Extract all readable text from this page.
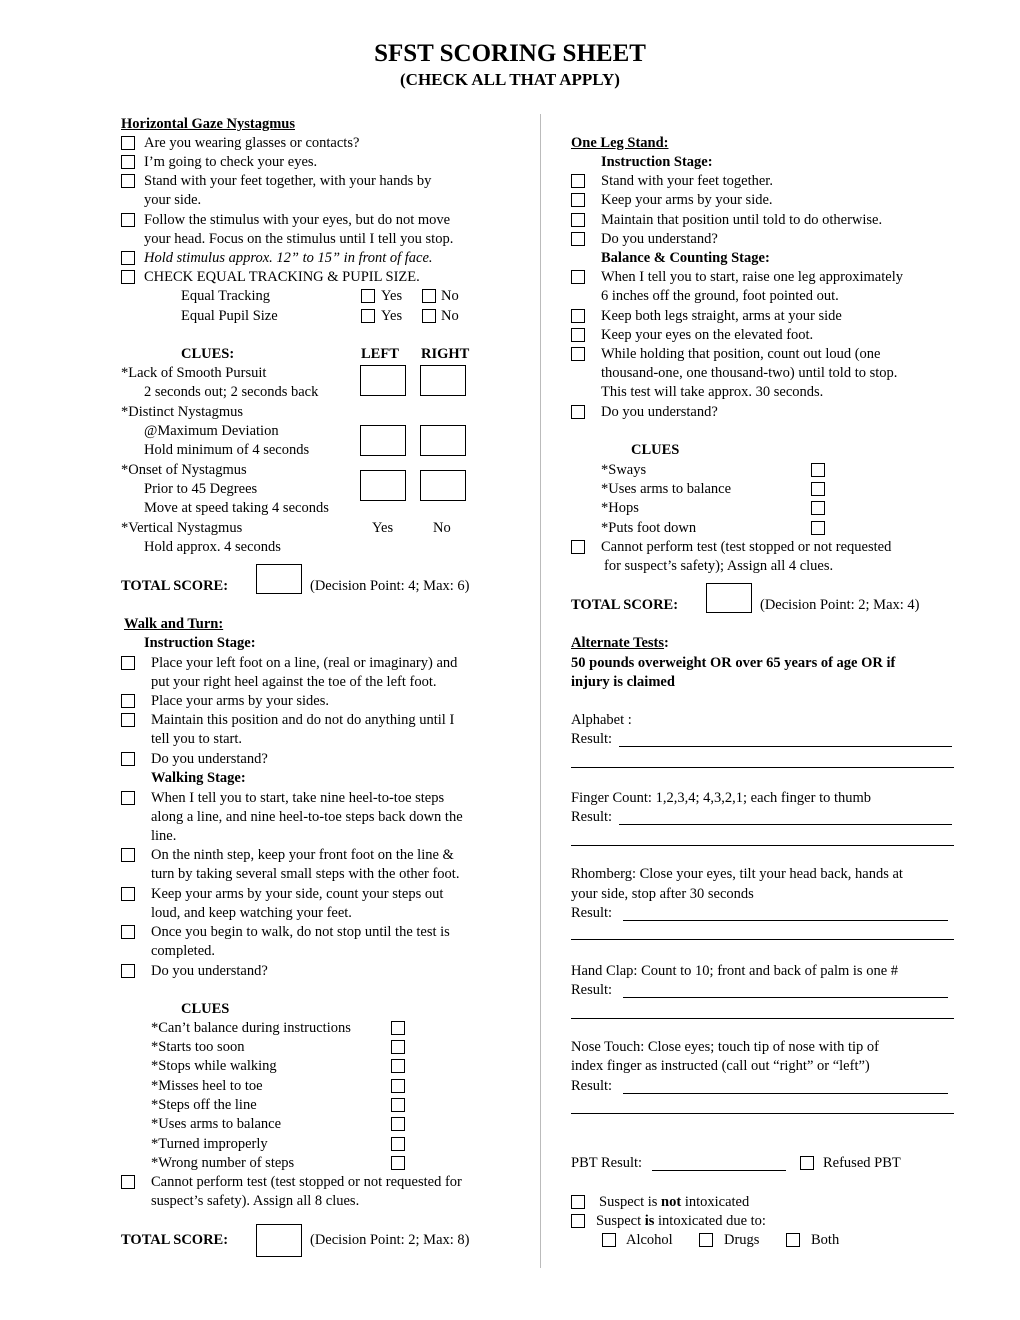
SFST SCORING SHEET
(CHECK ALL THAT APPLY)
Horizontal Gaze Nystagmus
Are you wearing glasses or contacts?
I’m going to check your eyes.
Stand with your feet together, with your hands by
your side.
Follow the stimulus with your eyes, but do not move
your head. Focus on the stimulus until I tell you stop.
Hold stimulus approx. 12” to 15” in front of face.
CHECK EQUAL TRACKING & PUPIL SIZE.
Equal Tracking	Yes	No
Equal Pupil Size	Yes	No
CLUES:	LEFT RIGHT
*Lack of Smooth Pursuit
2 seconds out; 2 seconds back
*Distinct Nystagmus
@Maximum Deviation
Hold minimum of 4 seconds
*Onset of Nystagmus
Prior to 45 Degrees
Move at speed taking 4 seconds
*Vertical Nystagmus	Yes	No
Hold approx. 4 seconds
TOTAL SCORE:	(Decision Point: 4; Max: 6)
Walk and Turn:
Instruction Stage:
Place your left foot on a line, (real or imaginary) and
put your right heel against the toe of the left foot.
Place your arms by your sides.
Maintain this position and do not do anything until I
tell you to start.
Do you understand?
Walking Stage:
When I tell you to start, take nine heel-to-toe steps
along a line, and nine heel-to-toe steps back down the
line.
On the ninth step, keep your front foot on the line &
turn by taking several small steps with the other foot.
Keep your arms by your side, count your steps out
loud, and keep watching your feet.
Once you begin to walk, do not stop until the test is
completed.
Do you understand?
CLUES
*Can’t balance during instructions
*Starts too soon
*Stops while walking
*Misses heel to toe
*Steps off the line
*Uses arms to balance
*Turned improperly
*Wrong number of steps
Cannot perform test (test stopped or not requested for
suspect’s safety). Assign all 8 clues.
TOTAL SCORE:	(Decision Point: 2; Max: 8)
One Leg Stand:
Instruction Stage:
Stand with your feet together.
Keep your arms by your side.
Maintain that position until told to do otherwise.
Do you understand?
Balance & Counting Stage:
When I tell you to start, raise one leg approximately
6 inches off the ground, foot pointed out.
Keep both legs straight, arms at your side
Keep your eyes on the elevated foot.
While holding that position, count out loud (one
thousand-one, one thousand-two) until told to stop.
This test will take approx. 30 seconds.
Do you understand?
CLUES
*Sways
*Uses arms to balance
*Hops
*Puts foot down
Cannot perform test (test stopped or not requested
for suspect’s safety); Assign all 4 clues.
TOTAL SCORE:	(Decision Point: 2; Max: 4)
Alternate Tests:
50 pounds overweight OR over 65 years of age OR if
injury is claimed
Alphabet :
Result:
Finger Count: 1,2,3,4; 4,3,2,1; each finger to thumb
Result:
Rhomberg: Close your eyes, tilt your head back, hands at
your side, stop after 30 seconds
Result:
Hand Clap: Count to 10; front and back of palm is one #
Result:
Nose Touch: Close eyes; touch tip of nose with tip of
index finger as instructed (call out “right” or “left”)
Result:
PBT Result:	Refused PBT
Suspect is not intoxicated
Suspect is intoxicated due to:
Alcohol	Drugs	Both
